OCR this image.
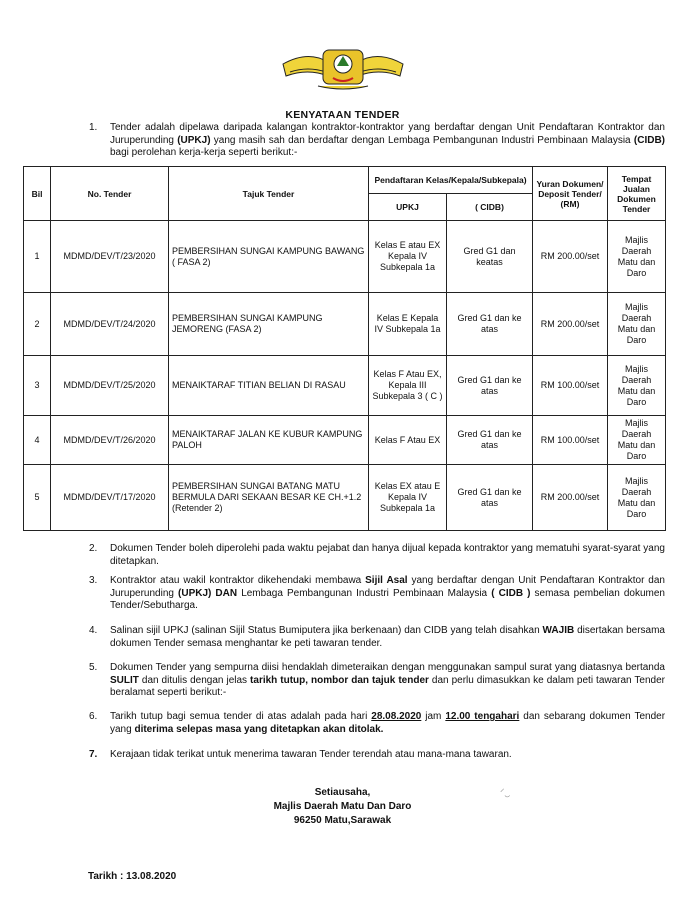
KENYATAAN TENDER
1. Tender adalah dipelawa daripada kalangan kontraktor-kontraktor yang berdaftar dengan Unit Pendaftaran Kontraktor dan Juruperunding (UPKJ) yang masih sah dan berdaftar dengan Lembaga Pembangunan Industri Pembinaan Malaysia (CIDB) bagi perolehan kerja-kerja seperti berikut:-
Bil	No. Tender	Tajuk Tender	Pendaftaran Kelas/Kepala/Subkepala)		Yuran Dokumen/ Deposit Tender/ (RM)	Tempat Jualan Dokumen Tender
			UPKJ	( CIDB)		
1	MDMD/DEV/T/23/2020	PEMBERSIHAN SUNGAI KAMPUNG BAWANG ( FASA 2)	Kelas E atau EX Kepala IV Subkepala 1a	Gred G1 dan keatas	RM 200.00/set	Majlis Daerah Matu dan Daro
2	MDMD/DEV/T/24/2020	PEMBERSIHAN SUNGAI KAMPUNG JEMORENG (FASA 2)	Kelas E Kepala IV Subkepala 1a	Gred G1 dan ke atas	RM 200.00/set	Majlis Daerah Matu dan Daro
3	MDMD/DEV/T/25/2020	MENAIKTARAF TITIAN BELIAN DI RASAU	Kelas F Atau EX, Kepala III Subkepala 3 ( C )	Gred G1 dan ke atas	RM 100.00/set	Majlis Daerah Matu dan Daro
4	MDMD/DEV/T/26/2020	MENAIKTARAF JALAN KE KUBUR KAMPUNG PALOH	Kelas F Atau EX	Gred G1 dan ke atas	RM 100.00/set	Majlis Daerah Matu dan Daro
5	MDMD/DEV/T/17/2020	PEMBERSIHAN SUNGAI BATANG MATU BERMULA DARI SEKAAN BESAR KE CH.+1.2 (Retender 2)	Kelas EX atau E Kepala IV Subkepala 1a	Gred G1 dan ke atas	RM 200.00/set	Majlis Daerah Matu dan Daro
2. Dokumen Tender boleh diperolehi pada waktu pejabat dan hanya dijual kepada kontraktor yang mematuhi syarat-syarat yang ditetapkan.
3. Kontraktor atau wakil kontraktor dikehendaki membawa Sijil Asal yang berdaftar dengan Unit Pendaftaran Kontraktor dan Juruperunding (UPKJ) DAN Lembaga Pembangunan Industri Pembinaan Malaysia ( CIDB ) semasa pembelian dokumen Tender/Sebutharga.
4. Salinan sijil UPKJ (salinan Sijil Status Bumiputera jika berkenaan) dan CIDB yang telah disahkan WAJIB disertakan bersama dokumen Tender semasa menghantar ke peti tawaran tender.
5. Dokumen Tender yang sempurna diisi hendaklah dimeteraikan dengan menggunakan sampul surat yang diatasnya bertanda SULIT dan ditulis dengan jelas tarikh tutup, nombor dan tajuk tender dan perlu dimasukkan ke dalam peti tawaran Tender beralamat seperti berikut:-
6. Tarikh tutup bagi semua tender di atas adalah pada hari 28.08.2020 jam 12.00 tengahari dan sebarang dokumen Tender yang diterima selepas masa yang ditetapkan akan ditolak.
7. Kerajaan tidak terikat untuk menerima tawaran Tender terendah atau mana-mana tawaran.
⸍‿
Setiausaha,
Majlis Daerah Matu Dan Daro
96250 Matu,Sarawak
Tarikh : 13.08.2020
